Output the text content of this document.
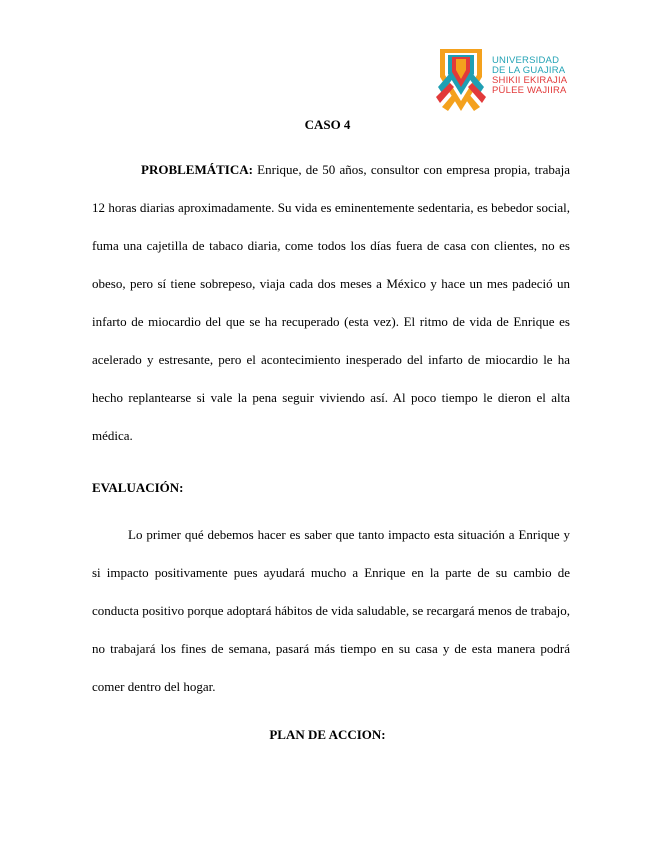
UNIVERSIDAD
DE LA GUAJIRA
SHIKII EKIRAJIA
PÜLEE WAJIIRA
CASO 4

PROBLEMÁTICA: Enrique, de 50 años, consultor con empresa propia, trabaja 12 horas diarias aproximadamente. Su vida es eminentemente sedentaria, es bebedor social, fuma una cajetilla de tabaco diaria, come todos los días fuera de casa con clientes, no es obeso, pero sí tiene sobrepeso, viaja cada dos meses a México y hace un mes padeció un infarto de miocardio del que se ha recuperado (esta vez). El ritmo de vida de Enrique es acelerado y estresante, pero el acontecimiento inesperado del infarto de miocardio le ha hecho replantearse si vale la pena seguir viviendo así. Al poco tiempo le dieron el alta médica.

EVALUACIÓN:

Lo primer qué debemos hacer es saber que tanto impacto esta situación a Enrique y si impacto positivamente pues ayudará mucho a Enrique en la parte de su cambio de conducta positivo porque adoptará hábitos de vida saludable, se recargará menos de trabajo, no trabajará los fines de semana, pasará más tiempo en su casa y de esta manera podrá comer dentro del hogar.

PLAN DE ACCION:
